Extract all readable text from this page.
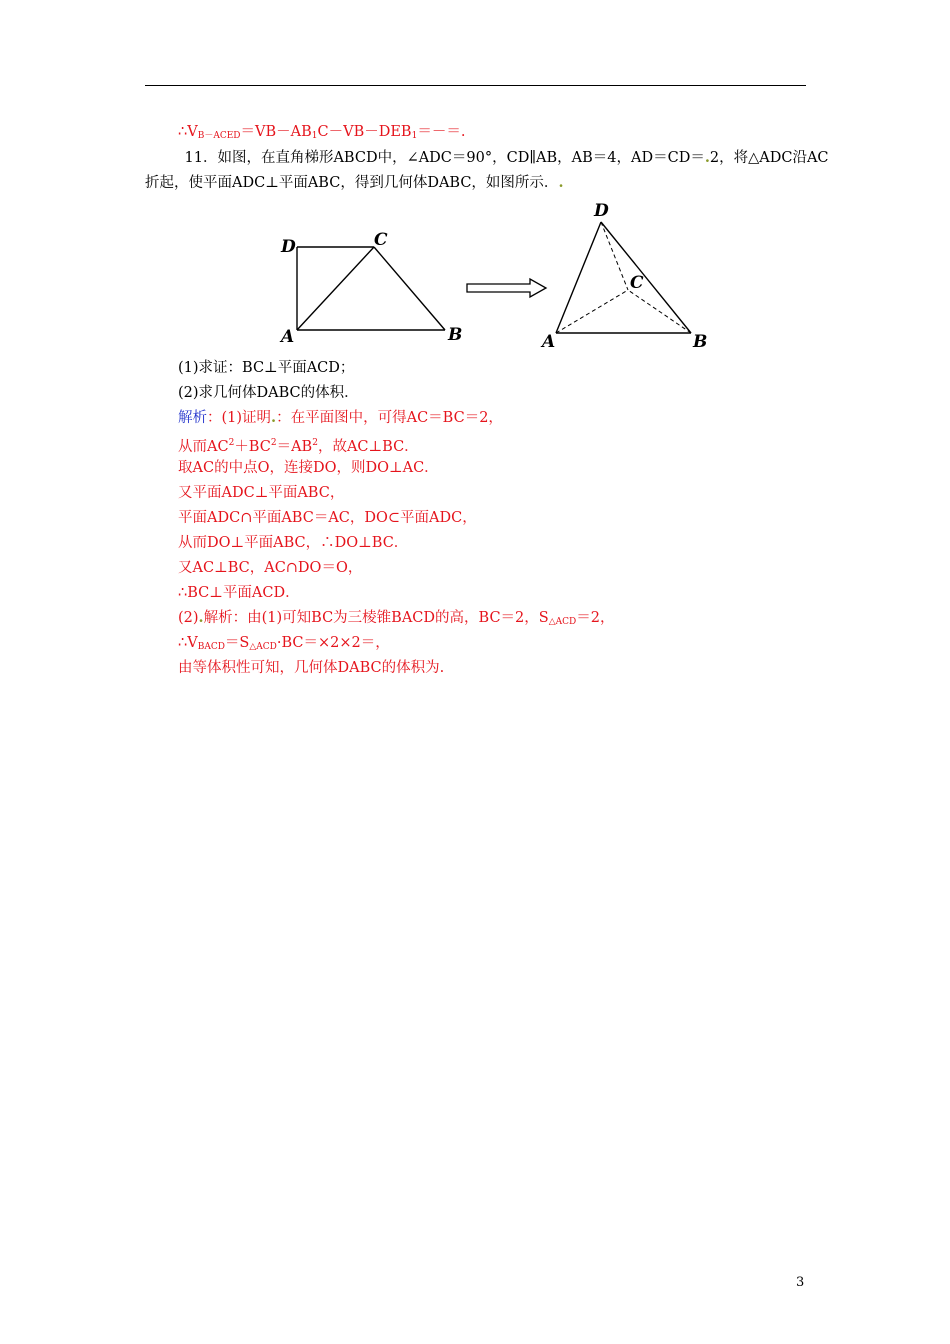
$\therefore V_{B-ACED}=VB-AB_1C-VB-DEB_1=-=$.
　11．如图，在直角梯形ABCD中，∠ADC＝90°，CD∥AB，AB＝4，AD＝CD＝.2，将△ADC沿AC
折起，使平面ADC⊥平面ABC，得到几何体DABC，如图所示．.
D	C
A	B
D
C
A	B
(1)求证：BC⊥平面ACD；
(2)求几何体DABC的体积．
解析：(1)证明.：在平面图中，可得AC＝BC＝2，
从而$AC^2+BC^2=AB^2$，故AC⊥BC．
取AC的中点O，连接DO，则DO⊥AC．
又平面ADC⊥平面ABC，
平面ADC∩平面ABC＝AC，DO⊂平面ADC，
从而DO⊥平面ABC，∴DO⊥BC．
又AC⊥BC，AC∩DO＝O，
∴BC⊥平面ACD．
(2).解析：由(1)可知BC为三棱锥BACD的高，BC＝2，$S_{\triangle ACD}=2$，
$\therefore V_{BACD}=S_{\triangle ACD}\cdot BC=\times 2\times 2=$，
由等体积性可知，几何体DABC的体积为.
3
